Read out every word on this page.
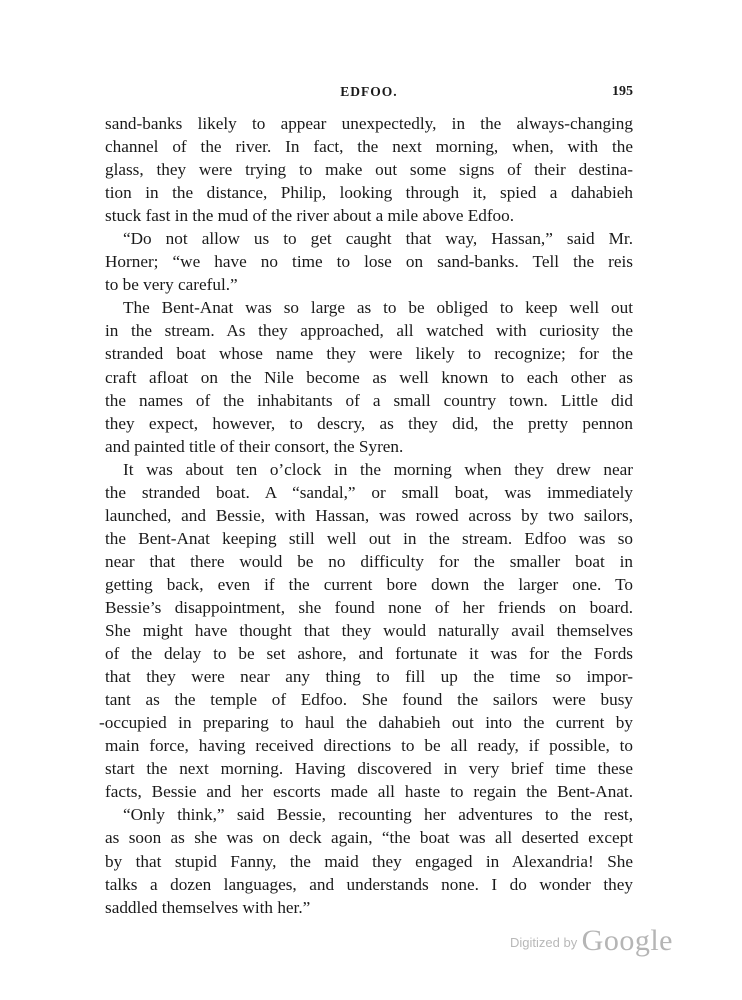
EDFOO.	195
sand-banks likely to appear unexpectedly, in the always-changing
channel of the river. In fact, the next morning, when, with the
glass, they were trying to make out some signs of their destina-
tion in the distance, Philip, looking through it, spied a dahabieh
stuck fast in the mud of the river about a mile above Edfoo.
“Do not allow us to get caught that way, Hassan,” said Mr.
Horner; “we have no time to lose on sand-banks. Tell the reis
to be very careful.”
The Bent-Anat was so large as to be obliged to keep well out
in the stream. As they approached, all watched with curiosity the
stranded boat whose name they were likely to recognize; for the
craft afloat on the Nile become as well known to each other as
the names of the inhabitants of a small country town. Little did
they expect, however, to descry, as they did, the pretty pennon
and painted title of their consort, the Syren.
It was about ten o’clock in the morning when they drew near
the stranded boat. A “sandal,” or small boat, was immediately
launched, and Bessie, with Hassan, was rowed across by two sailors,
the Bent-Anat keeping still well out in the stream. Edfoo was so
near that there would be no difficulty for the smaller boat in
getting back, even if the current bore down the larger one. To
Bessie’s disappointment, she found none of her friends on board.
She might have thought that they would naturally avail themselves
of the delay to be set ashore, and fortunate it was for the Fords
that they were near any thing to fill up the time so impor-
tant as the temple of Edfoo. She found the sailors were busy
-occupied in preparing to haul the dahabieh out into the current by
main force, having received directions to be all ready, if possible, to
start the next morning. Having discovered in very brief time these
facts, Bessie and her escorts made all haste to regain the Bent-Anat.
“Only think,” said Bessie, recounting her adventures to the rest,
as soon as she was on deck again, “the boat was all deserted except
by that stupid Fanny, the maid they engaged in Alexandria! She
talks a dozen languages, and understands none. I do wonder they
saddled themselves with her.”
Digitized by Google
